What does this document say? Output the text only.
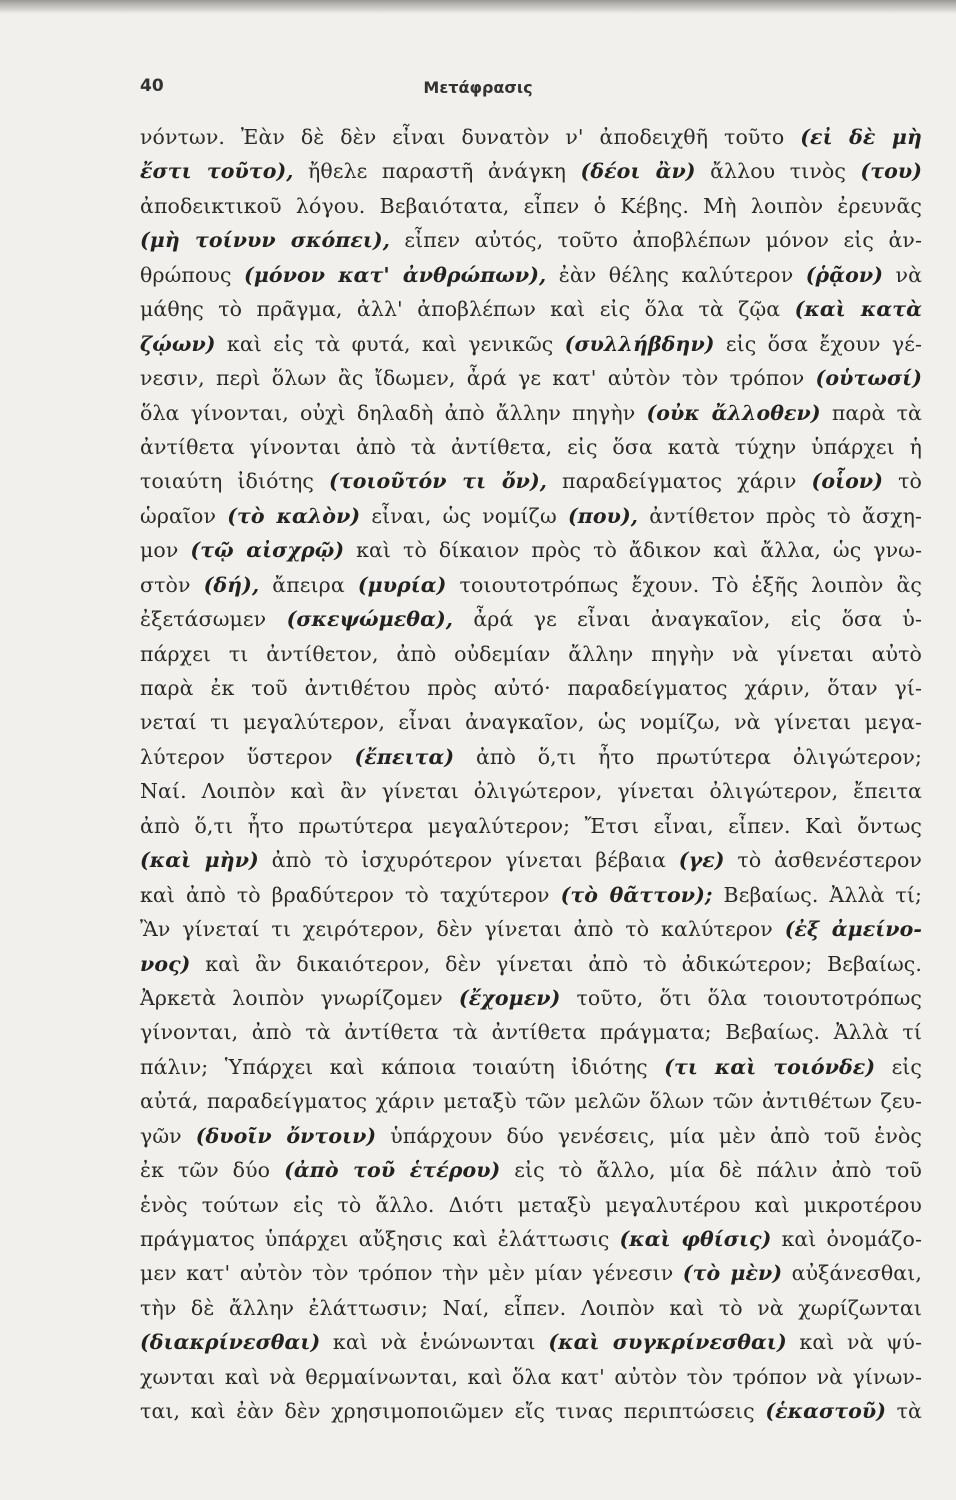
40	Μετάφρασις
νόντων. Ἐὰν δὲ δὲν εἶναι δυνατὸν ν' ἀποδειχθῆ τοῦτο (εἰ δὲ μὴ
ἔστι τοῦτο), ἤθελε παραστῆ ἀνάγκη (δέοι ἂν) ἄλλου τινὸς (του)
ἀποδεικτικοῦ λόγου. Βεβαιότατα, εἶπεν ὁ Κέβης. Μὴ λοιπὸν ἐρευνᾶς
(μὴ τοίνυν σκόπει), εἶπεν αὐτός, τοῦτο ἀποβλέπων μόνον εἰς ἀν-
θρώπους (μόνον κατ' ἀνθρώπων), ἐὰν θέλης καλύτερον (ῥᾷον) νὰ
μάθης τὸ πρᾶγμα, ἀλλ' ἀποβλέπων καὶ εἰς ὅλα τὰ ζῷα (καὶ κατὰ
ζῴων) καὶ εἰς τὰ φυτά, καὶ γενικῶς (συλλήβδην) εἰς ὅσα ἔχουν γέ-
νεσιν, περὶ ὅλων ἂς ἴδωμεν, ἆρά γε κατ' αὐτὸν τὸν τρόπον (οὑτωσί)
ὅλα γίνονται, οὐχὶ δηλαδὴ ἀπὸ ἄλλην πηγὴν (οὐκ ἄλλοθεν) παρὰ τὰ
ἀντίθετα γίνονται ἀπὸ τὰ ἀντίθετα, εἰς ὅσα κατὰ τύχην ὑπάρχει ἡ
τοιαύτη ἰδιότης (τοιοῦτόν τι ὄν), παραδείγματος χάριν (οἷον) τὸ
ὡραῖον (τὸ καλὸν) εἶναι, ὡς νομίζω (που), ἀντίθετον πρὸς τὸ ἄσχη-
μον (τῷ αἰσχρῷ) καὶ τὸ δίκαιον πρὸς τὸ ἄδικον καὶ ἄλλα, ὡς γνω-
στὸν (δή), ἄπειρα (μυρία) τοιουτοτρόπως ἔχουν. Τὸ ἑξῆς λοιπὸν ἂς
ἐξετάσωμεν (σκεψώμεθα), ἆρά γε εἶναι ἀναγκαῖον, εἰς ὅσα ὑ-
πάρχει τι ἀντίθετον, ἀπὸ οὐδεμίαν ἄλλην πηγὴν νὰ γίνεται αὐτὸ
παρὰ ἐκ τοῦ ἀντιθέτου πρὸς αὐτό· παραδείγματος χάριν, ὅταν γί-
νεταί τι μεγαλύτερον, εἶναι ἀναγκαῖον, ὡς νομίζω, νὰ γίνεται μεγα-
λύτερον ὕστερον (ἔπειτα) ἀπὸ ὅ,τι ἦτο πρωτύτερα ὀλιγώτερον;
Ναί. Λοιπὸν καὶ ἂν γίνεται ὀλιγώτερον, γίνεται ὀλιγώτερον, ἔπειτα
ἀπὸ ὅ,τι ἦτο πρωτύτερα μεγαλύτερον; Ἔτσι εἶναι, εἶπεν. Καὶ ὄντως
(καὶ μὴν) ἀπὸ τὸ ἰσχυρότερον γίνεται βέβαια (γε) τὸ ἀσθενέστερον
καὶ ἀπὸ τὸ βραδύτερον τὸ ταχύτερον (τὸ θᾶττον); Βεβαίως. Ἀλλὰ τί;
Ἂν γίνεταί τι χειρότερον, δὲν γίνεται ἀπὸ τὸ καλύτερον (ἐξ ἀμείνο-
νος) καὶ ἂν δικαιότερον, δὲν γίνεται ἀπὸ τὸ ἀδικώτερον; Βεβαίως.
Ἀρκετὰ λοιπὸν γνωρίζομεν (ἔχομεν) τοῦτο, ὅτι ὅλα τοιουτοτρόπως
γίνονται, ἀπὸ τὰ ἀντίθετα τὰ ἀντίθετα πράγματα; Βεβαίως. Ἀλλὰ τί
πάλιν; Ὑπάρχει καὶ κάποια τοιαύτη ἰδιότης (τι καὶ τοιόνδε) εἰς
αὐτά, παραδείγματος χάριν μεταξὺ τῶν μελῶν ὅλων τῶν ἀντιθέτων ζευ-
γῶν (δυοῖν ὄντοιν) ὑπάρχουν δύο γενέσεις, μία μὲν ἀπὸ τοῦ ἑνὸς
ἐκ τῶν δύο (ἀπὸ τοῦ ἑτέρου) εἰς τὸ ἄλλο, μία δὲ πάλιν ἀπὸ τοῦ
ἑνὸς τούτων εἰς τὸ ἄλλο. Διότι μεταξὺ μεγαλυτέρου καὶ μικροτέρου
πράγματος ὑπάρχει αὔξησις καὶ ἐλάττωσις (καὶ φθίσις) καὶ ὀνομάζο-
μεν κατ' αὐτὸν τὸν τρόπον τὴν μὲν μίαν γένεσιν (τὸ μὲν) αὐξάνεσθαι,
τὴν δὲ ἄλλην ἐλάττωσιν; Ναί, εἶπεν. Λοιπὸν καὶ τὸ νὰ χωρίζωνται
(διακρίνεσθαι) καὶ νὰ ἑνώνωνται (καὶ συγκρίνεσθαι) καὶ νὰ ψύ-
χωνται καὶ νὰ θερμαίνωνται, καὶ ὅλα κατ' αὐτὸν τὸν τρόπον νὰ γίνων-
ται, καὶ ἐὰν δὲν χρησιμοποιῶμεν εἴς τινας περιπτώσεις (ἑκαστοῦ) τὰ
